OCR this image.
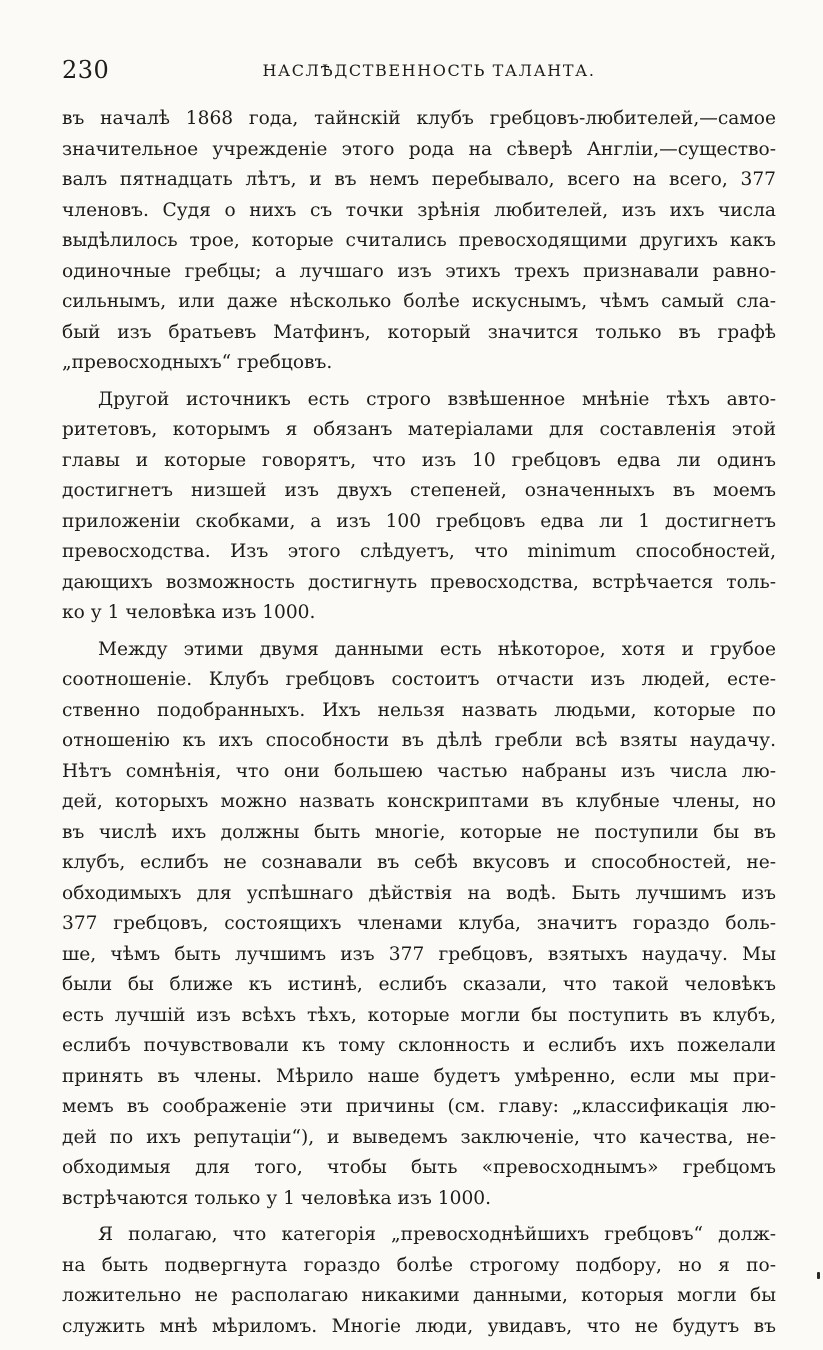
230	НАСЛѢДСТВЕННОСТЬ ТАЛАНТА.
въ началѣ 1868 года, тайнскій клубъ гребцовъ-любителей,—самое
значительное учрежденіе этого рода на сѣверѣ Англіи,—существо-
валъ пятнадцать лѣтъ, и въ немъ перебывало, всего на всего, 377
членовъ. Судя о нихъ съ точки зрѣнія любителей, изъ ихъ числа
выдѣлилось трое, которые считались превосходящими другихъ какъ
одиночные гребцы; а лучшаго изъ этихъ трехъ признавали равно-
сильнымъ, или даже нѣсколько болѣе искуснымъ, чѣмъ самый сла-
бый изъ братьевъ Матфинъ, который значится только въ графѣ
„превосходныхъ“ гребцовъ.
Другой источникъ есть строго взвѣшенное мнѣніе тѣхъ авто-
ритетовъ, которымъ я обязанъ матеріалами для составленія этой
главы и которые говорятъ, что изъ 10 гребцовъ едва ли одинъ
достигнетъ низшей изъ двухъ степеней, означенныхъ въ моемъ
приложеніи скобками, а изъ 100 гребцовъ едва ли 1 достигнетъ
превосходства. Изъ этого слѣдуетъ, что minimum способностей,
дающихъ возможность достигнуть превосходства, встрѣчается толь-
ко у 1 человѣка изъ 1000.
Между этими двумя данными есть нѣкоторое, хотя и грубое
соотношеніе. Клубъ гребцовъ состоитъ отчасти изъ людей, есте-
ственно подобранныхъ. Ихъ нельзя назвать людьми, которые по
отношенію къ ихъ способности въ дѣлѣ гребли всѣ взяты наудачу.
Нѣтъ сомнѣнія, что они большею частью набраны изъ числа лю-
дей, которыхъ можно назвать конскриптами въ клубные члены, но
въ числѣ ихъ должны быть многіе, которые не поступили бы въ
клубъ, еслибъ не сознавали въ себѣ вкусовъ и способностей, не-
обходимыхъ для успѣшнаго дѣйствія на водѣ. Быть лучшимъ изъ
377 гребцовъ, состоящихъ членами клуба, значитъ гораздо боль-
ше, чѣмъ быть лучшимъ изъ 377 гребцовъ, взятыхъ наудачу. Мы
были бы ближе къ истинѣ, еслибъ сказали, что такой человѣкъ
есть лучшій изъ всѣхъ тѣхъ, которые могли бы поступить въ клубъ,
еслибъ почувствовали къ тому склонность и еслибъ ихъ пожелали
принять въ члены. Мѣрило наше будетъ умѣренно, если мы при-
мемъ въ соображеніе эти причины (см. главу: „классификація лю-
дей по ихъ репутаціи“), и выведемъ заключеніе, что качества, не-
обходимыя для того, чтобы быть «превосходнымъ» гребцомъ
встрѣчаются только у 1 человѣка изъ 1000.
Я полагаю, что категорія „превосходнѣйшихъ гребцовъ“ долж-
на быть подвергнута гораздо болѣе строгому подбору, но я по-
ложительно не располагаю никакими данными, которыя могли бы
служить мнѣ мѣриломъ. Многіе люди, увидавъ, что не будутъ въ
